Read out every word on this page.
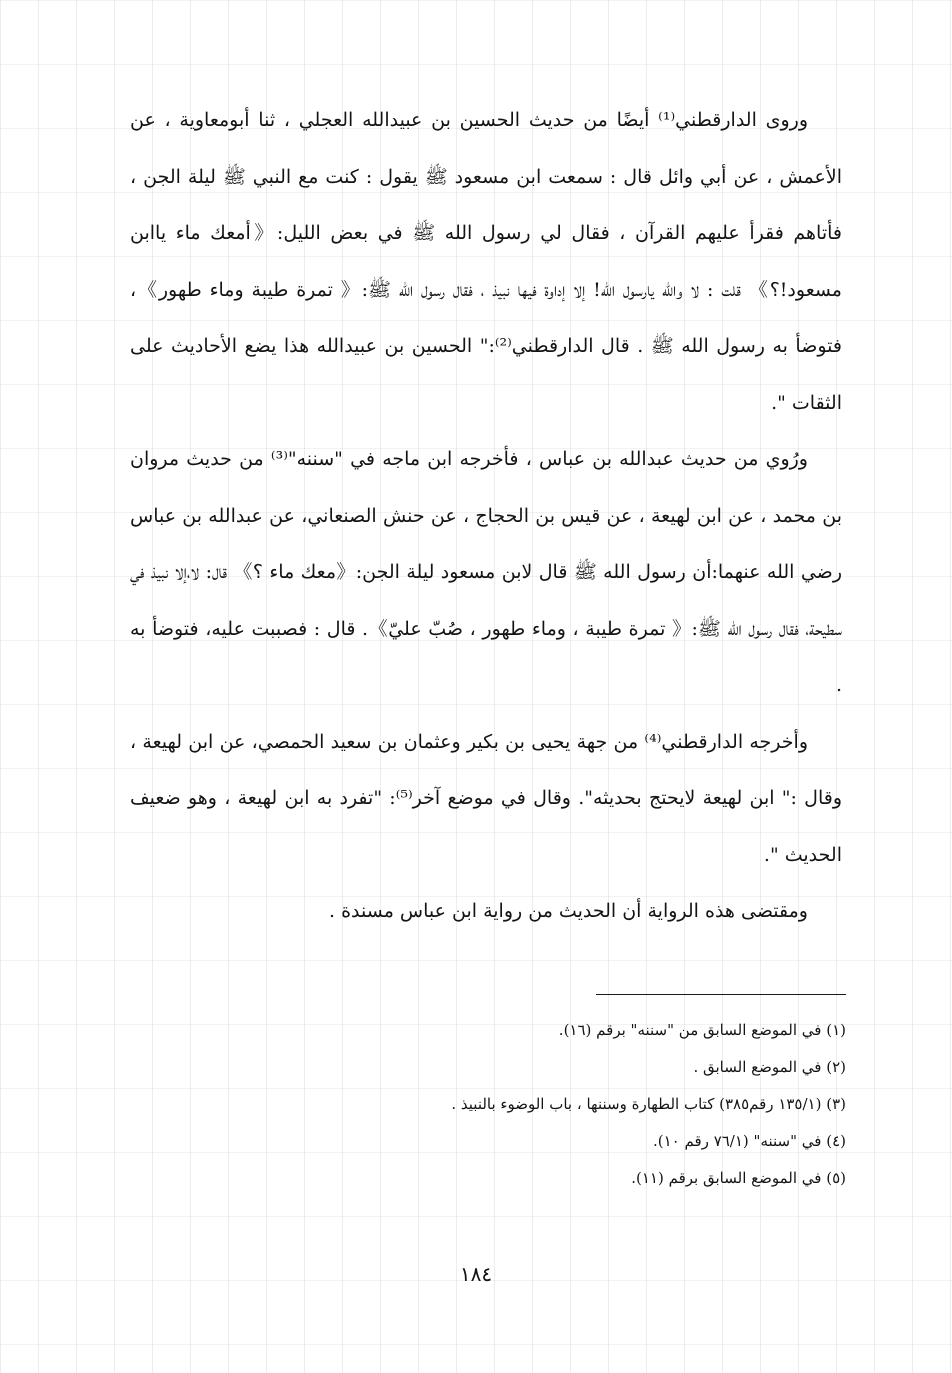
وروى الدارقطني⁽¹⁾ أيضًا من حديث الحسين بن عبيدالله العجلي ، ثنا أبومعاوية ، عن الأعمش ، عن أبي وائل قال : سمعت ابن مسعود ﷺ يقول : كنت مع النبي ﷺ ليلة الجن ، فأتاهم فقرأ عليهم القرآن ، فقال لي رسول الله ﷺ في بعض الليل:《أمعك ماء ياابن مسعود!؟》 قلت : لا والله يارسول الله! إلا إداوة فيها نبيذ ، فقال رسول الله ﷺ:《 تمرة طيبة وماء طهور》، فتوضأ به رسول الله ﷺ . قال الدارقطني⁽²⁾:" الحسين بن عبيدالله هذا يضع الأحاديث على الثقات ".

ورُوي من حديث عبدالله بن عباس ، فأخرجه ابن ماجه في "سننه"⁽³⁾ من حديث مروان بن محمد ، عن ابن لهيعة ، عن قيس بن الحجاج ، عن حنش الصنعاني، عن عبدالله بن عباس رضي الله عنهما:أن رسول الله ﷺ قال لابن مسعود ليلة الجن:《معك ماء ؟》 قال: لا،إلا نبيذ في سطيحة، فقال رسول الله ﷺ:《 تمرة طيبة ، وماء طهور ، صُبّ عليّ》. قال : فصببت عليه، فتوضأ به .

وأخرجه الدارقطني⁽⁴⁾ من جهة يحيى بن بكير وعثمان بن سعيد الحمصي، عن ابن لهيعة ، وقال :" ابن لهيعة لايحتج بحديثه". وقال في موضع آخر⁽⁵⁾: "تفرد به ابن لهيعة ، وهو ضعيف الحديث ".

ومقتضى هذه الرواية أن الحديث من رواية ابن عباس مسندة .

(١) في الموضع السابق من "سننه" برقم (١٦).

(٢) في الموضع السابق .

(٣) (١٣٥/١ رقم٣٨٥) كتاب الطهارة وسننها ، باب الوضوء بالنبيذ .

(٤) في "سننه" (٧٦/١ رقم ١٠).

(٥) في الموضع السابق برقم (١١).

١٨٤
